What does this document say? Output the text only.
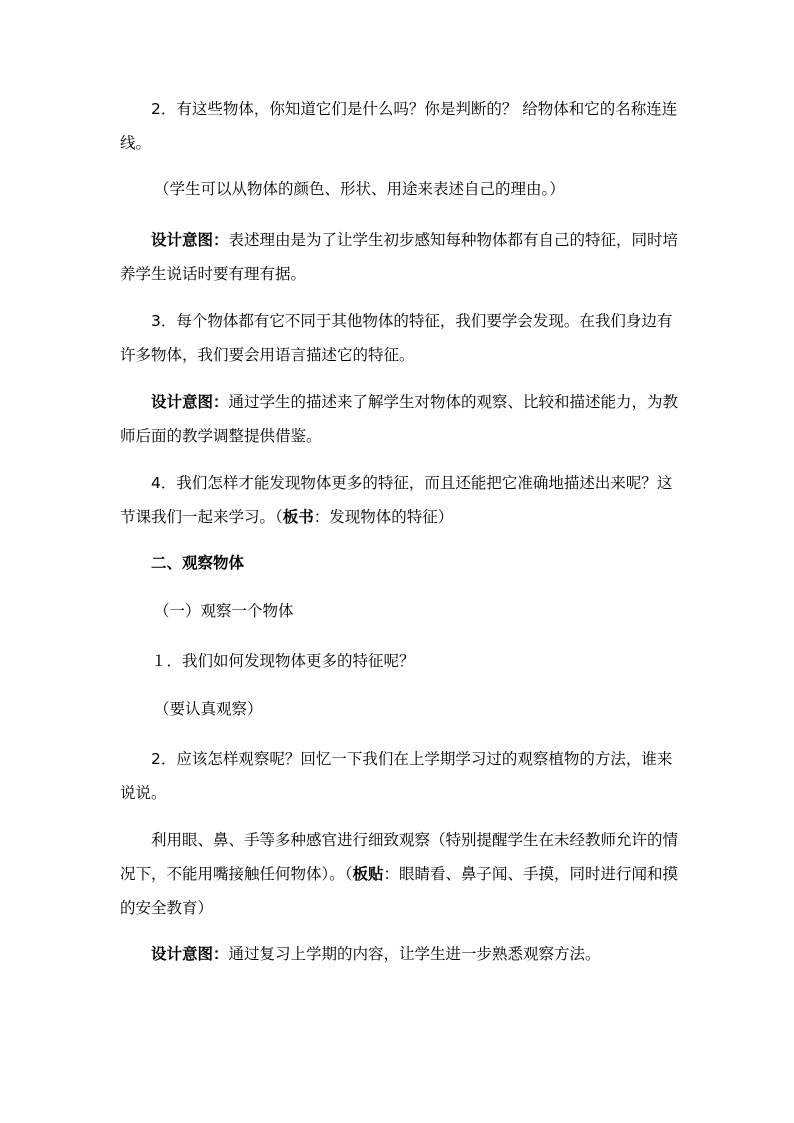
2．有这些物体，你知道它们是什么吗？你是判断的？ 给物体和它的名称连连线。

（学生可以从物体的颜色、形状、用途来表述自己的理由。）

设计意图：表述理由是为了让学生初步感知每种物体都有自己的特征，同时培养学生说话时要有理有据。

3．每个物体都有它不同于其他物体的特征，我们要学会发现。在我们身边有许多物体，我们要会用语言描述它的特征。

设计意图：通过学生的描述来了解学生对物体的观察、比较和描述能力，为教师后面的教学调整提供借鉴。

4．我们怎样才能发现物体更多的特征，而且还能把它准确地描述出来呢？这节课我们一起来学习。（板书：发现物体的特征）

二、观察物体

（一）观察一个物体

１．我们如何发现物体更多的特征呢？

（要认真观察）

2．应该怎样观察呢？回忆一下我们在上学期学习过的观察植物的方法，谁来说说。

利用眼、鼻、手等多种感官进行细致观察（特别提醒学生在未经教师允许的情况下，不能用嘴接触任何物体）。（板贴：眼睛看、鼻子闻、手摸，同时进行闻和摸的安全教育）

设计意图：通过复习上学期的内容，让学生进一步熟悉观察方法。
